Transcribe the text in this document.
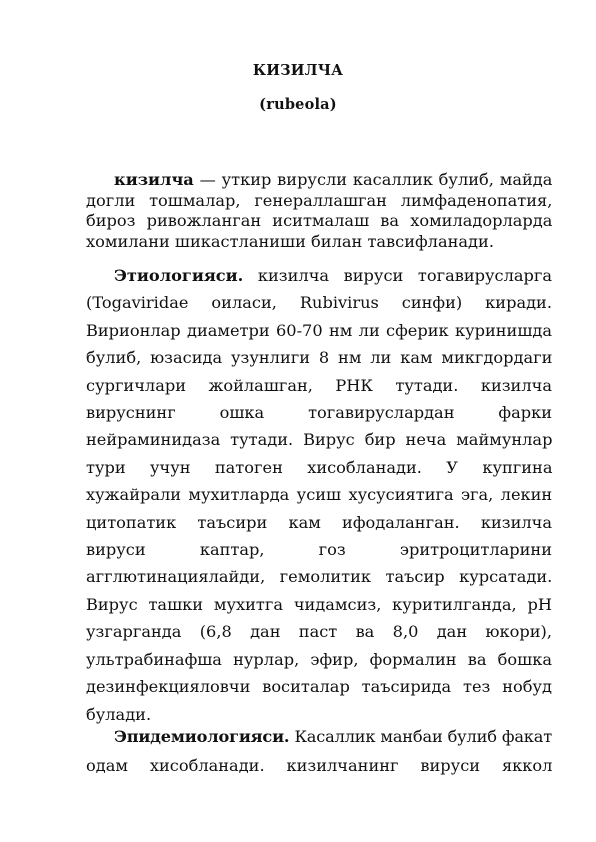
КИЗИЛЧА
(rubeola)
кизилча — уткир вирусли касаллик булиб, майда
догли тошмалар, генераллашган лимфаденопатия,
бироз ривожланган иситмалаш ва хомиладорларда
хомилани шикастланиши билан тавсифланади.
Этиологияси. кизилча вируси тогавирусларга
(Togaviridae оиласи, Rubivirus синфи) киради.
Вирионлар диаметри 60-70 нм ли сферик куринишда
булиб, юзасида узунлиги 8 нм ли кам микгдордаги
сургичлари жойлашган, РНК тутади. кизилча
вируснинг ошка тогавируслардан фарки
нейраминидаза тутади. Вирус бир неча маймунлар
тури учун патоген хисобланади. У купгина
хужайрали мухитларда усиш хусусиятига эга, лекин
цитопатик таъсири кам ифодаланган. кизилча
вируси каптар, гоз эритроцитларини
агглютинациялайди, гемолитик таъсир курсатади.
Вирус ташки мухитга чидамсиз, куритилганда, pH
узгарганда (6,8 дан паст ва 8,0 дан юкори),
ультрабинафша нурлар, эфир, формалин ва бошка
дезинфекцияловчи воситалар таъсирида тез нобуд
булади.
Эпидемиологияси. Касаллик манбаи булиб факат
одам хисобланади. кизилчанинг вируси яккол
